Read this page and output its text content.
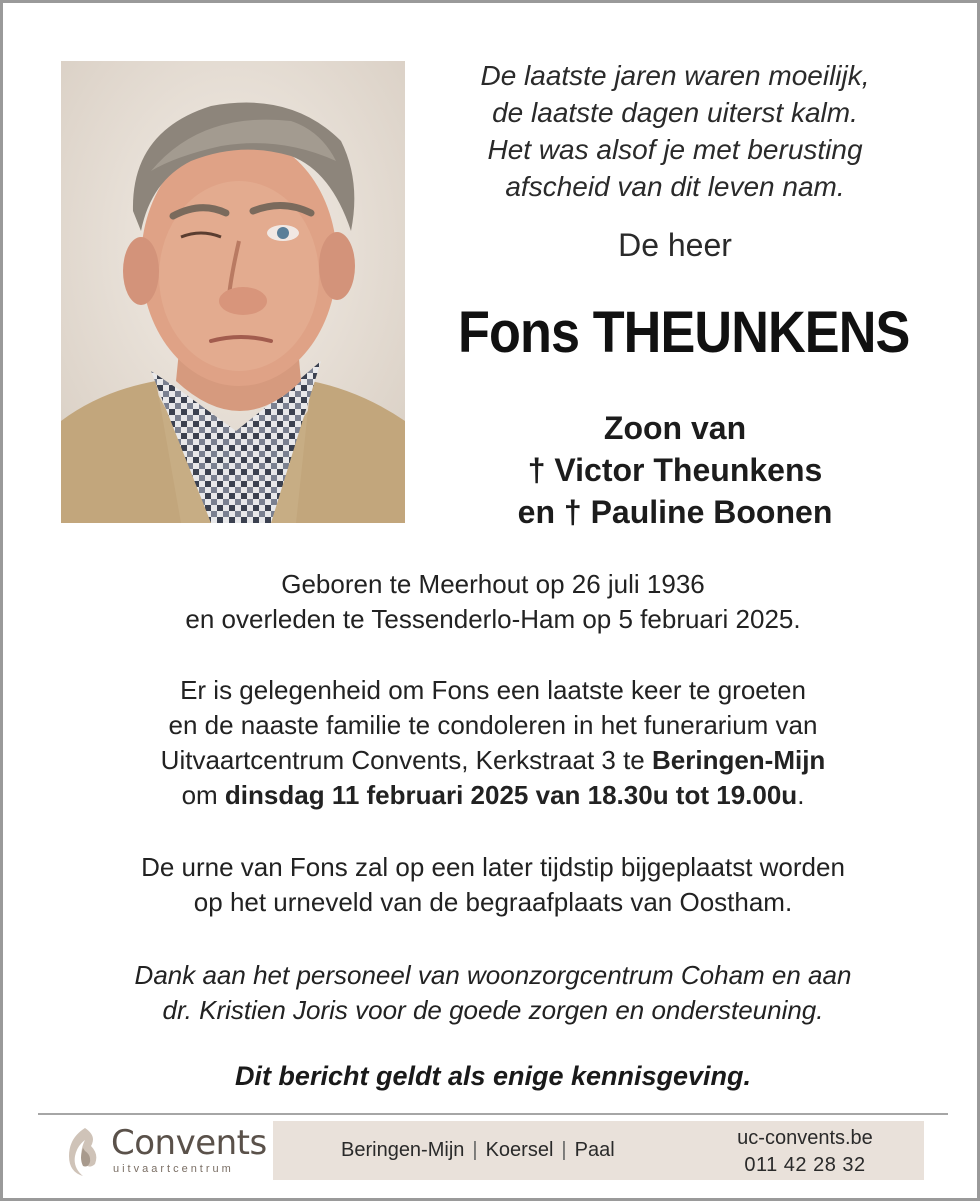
De laatste jaren waren moeilijk,
de laatste dagen uiterst kalm.
Het was alsof je met berusting
afscheid van dit leven nam.
De heer
Fons THEUNKENS
Zoon van
† Victor Theunkens
en † Pauline Boonen
Geboren te Meerhout op 26 juli 1936
en overleden te Tessenderlo-Ham op 5 februari 2025.
Er is gelegenheid om Fons een laatste keer te groeten
en de naaste familie te condoleren in het funerarium van
Uitvaartcentrum Convents, Kerkstraat 3 te Beringen-Mijn
om dinsdag 11 februari 2025 van 18.30u tot 19.00u.
De urne van Fons zal op een later tijdstip bijgeplaatst worden
op het urneveld van de begraafplaats van Oostham.
Dank aan het personeel van woonzorgcentrum Coham en aan
dr. Kristien Joris voor de goede zorgen en ondersteuning.
Dit bericht geldt als enige kennisgeving.
Convents
uitvaartcentrum
Beringen-Mijn | Koersel | Paal
uc-convents.be
011 42 28 32
